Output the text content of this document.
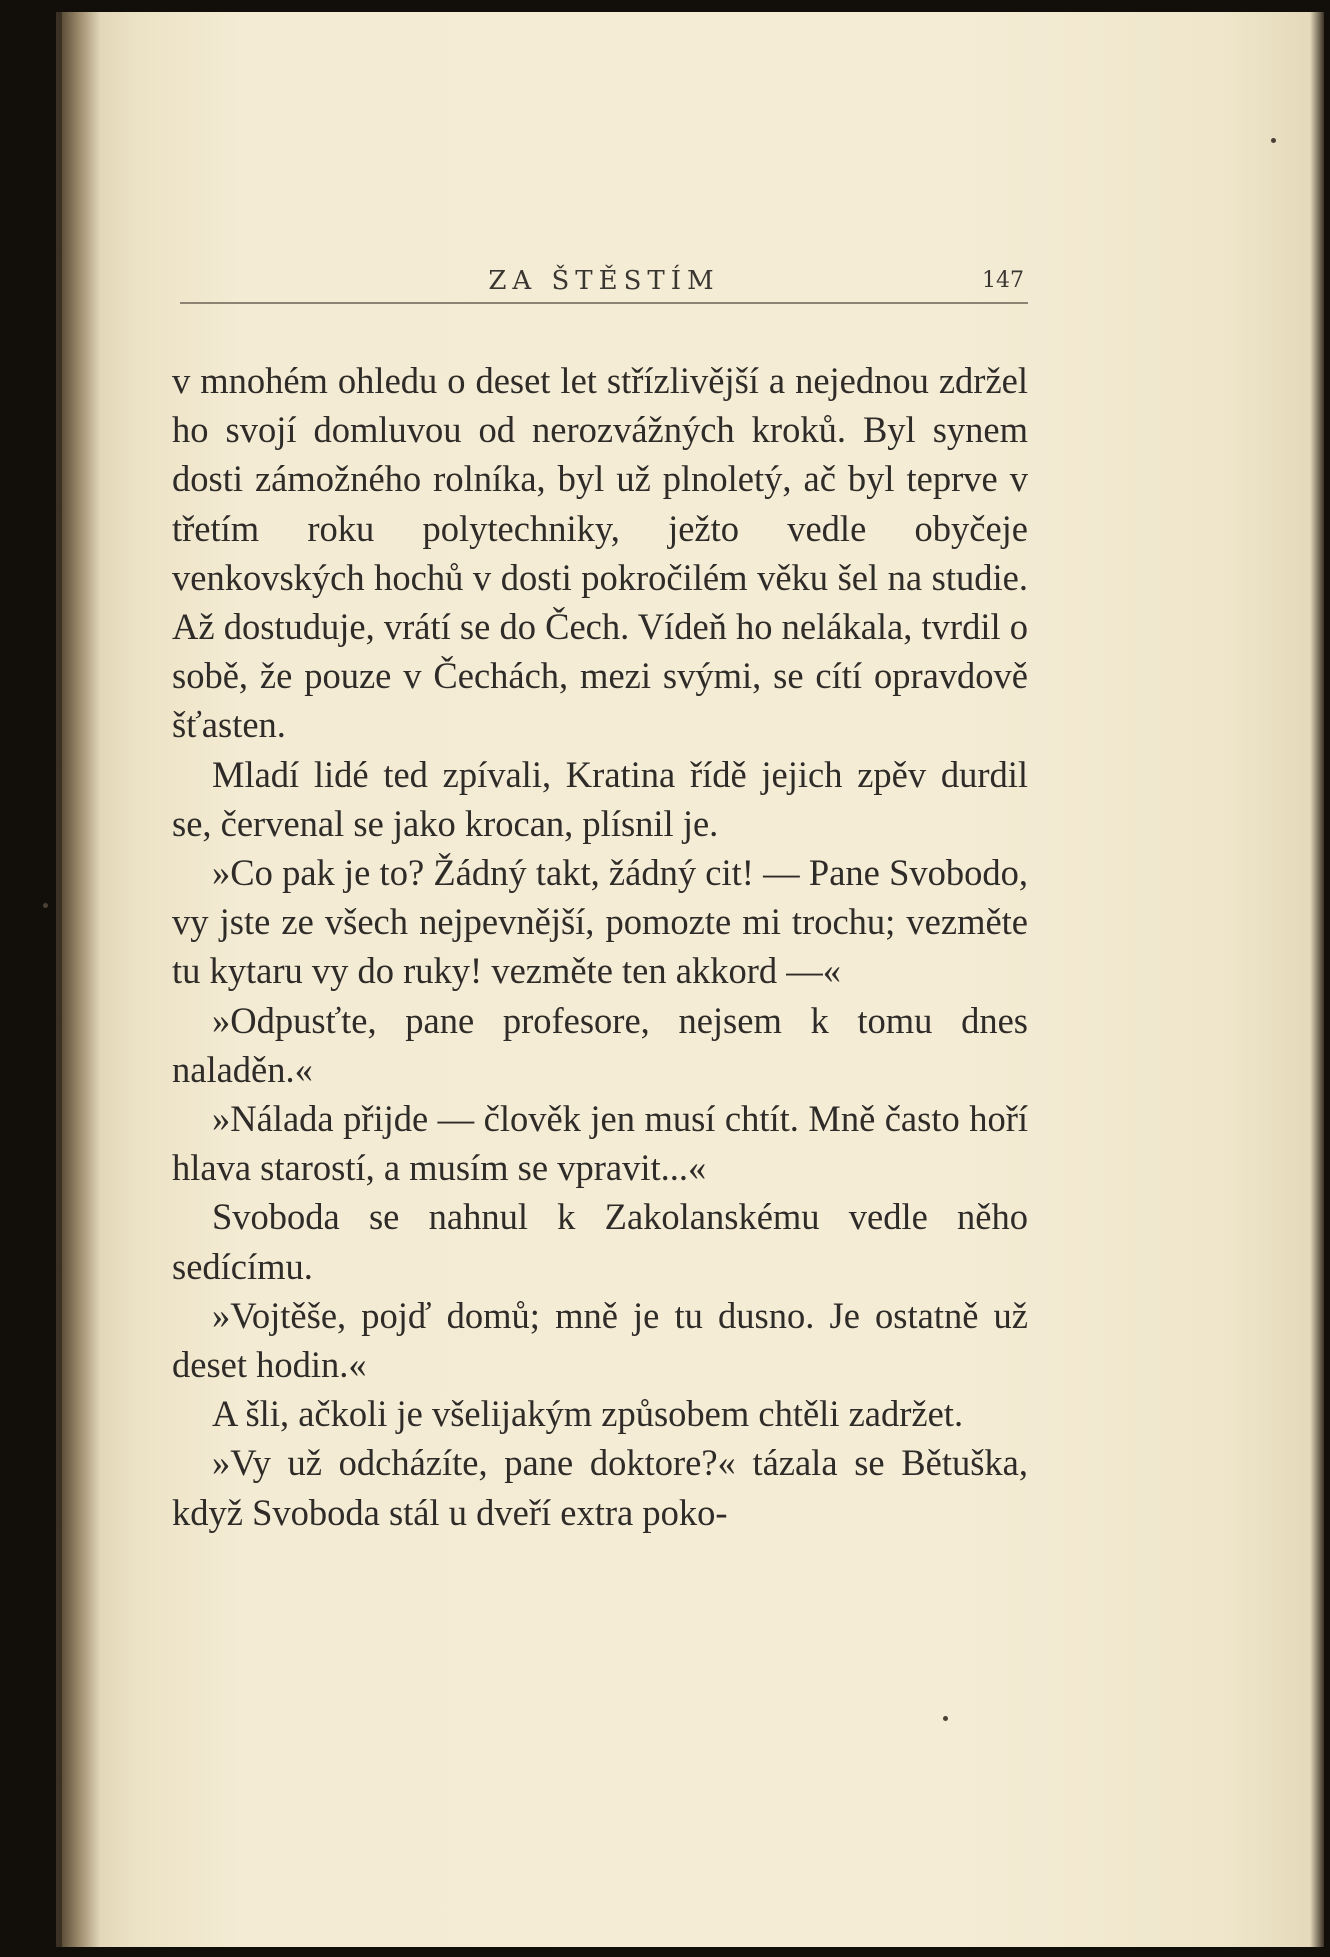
ZA ŠTĚSTÍM	147

v mnohém ohledu o deset let střízlivější a nejednou zdržel ho svojí domluvou od nerozvážných kroků. Byl synem dosti zámožného rolníka, byl už plnoletý, ač byl teprve v třetím roku polytechniky, ježto vedle obyčeje venkovských hochů v dosti pokročilém věku šel na studie. Až dostuduje, vrátí se do Čech. Vídeň ho nelákala, tvrdil o sobě, že pouze v Čechách, mezi svými, se cítí opravdově šťasten.

Mladí lidé ted zpívali, Kratina řídě jejich zpěv durdil se, červenal se jako krocan, plísnil je.

»Co pak je to? Žádný takt, žádný cit! — Pane Svobodo, vy jste ze všech nejpevnější, pomozte mi trochu; vezměte tu kytaru vy do ruky! vezměte ten akkord —«

»Odpusťte, pane profesore, nejsem k tomu dnes naladěn.«

»Nálada přijde — člověk jen musí chtít. Mně často hoří hlava starostí, a musím se vpravit...«

Svoboda se nahnul k Zakolanskému vedle něho sedícímu.

»Vojtěše, pojď domů; mně je tu dusno. Je ostatně už deset hodin.«

A šli, ačkoli je všelijakým způsobem chtěli zadržet.

»Vy už odcházíte, pane doktore?« tázala se Bětuška, když Svoboda stál u dveří extra poko-
